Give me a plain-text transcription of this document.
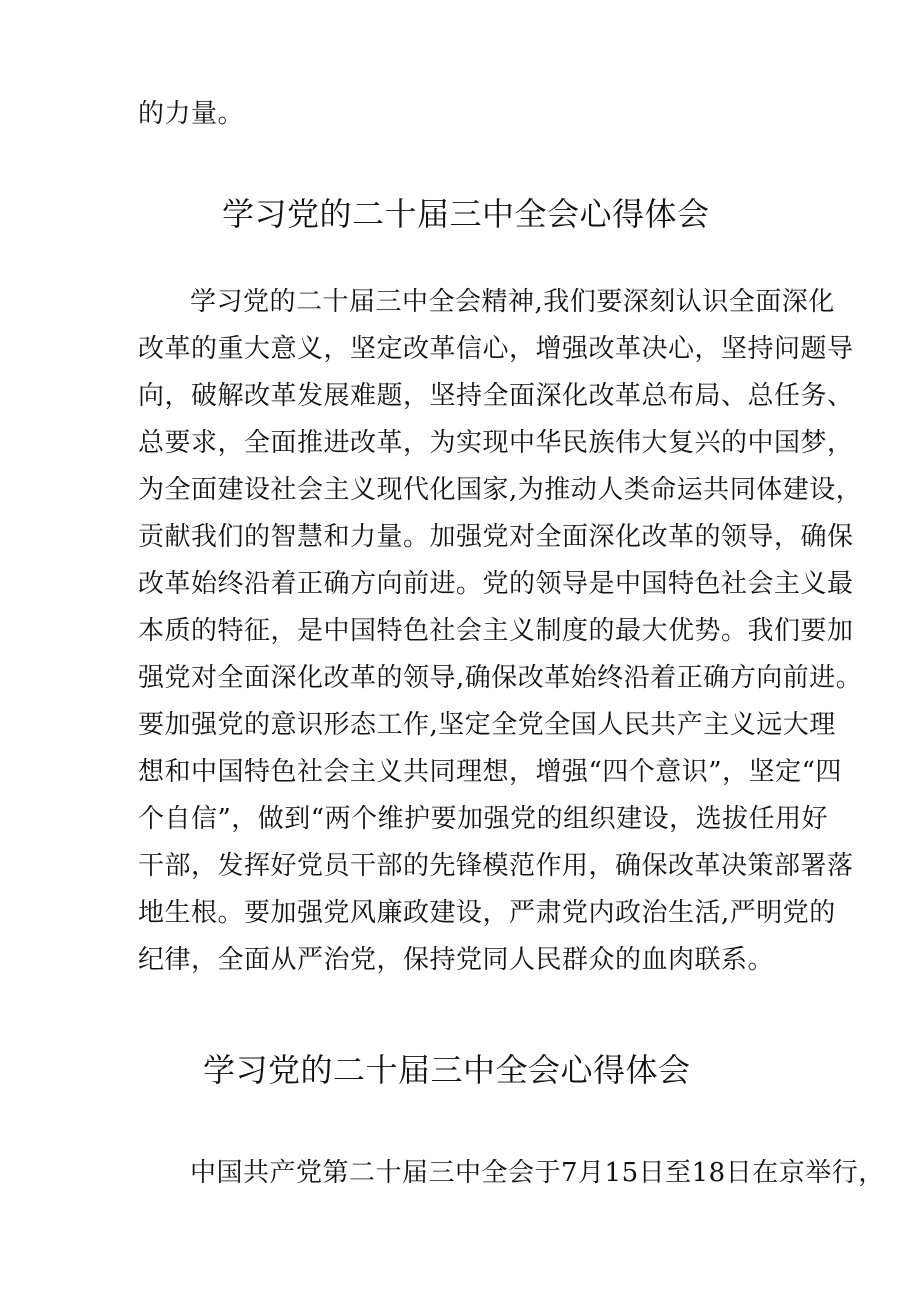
的力量。
学习党的二十届三中全会心得体会
学习党的二十届三中全会精神,我们要深刻认识全面深化
改革的重大意义，坚定改革信心，增强改革决心，坚持问题导
向，破解改革发展难题，坚持全面深化改革总布局、总任务、
总要求，全面推进改革，为实现中华民族伟大复兴的中国梦，
为全面建设社会主义现代化国家,为推动人类命运共同体建设，
贡献我们的智慧和力量。加强党对全面深化改革的领导，确保
改革始终沿着正确方向前进。党的领导是中国特色社会主义最
本质的特征，是中国特色社会主义制度的最大优势。我们要加
强党对全面深化改革的领导,确保改革始终沿着正确方向前进。
要加强党的意识形态工作,坚定全党全国人民共产主义远大理
想和中国特色社会主义共同理想，增强“四个意识”，坚定“四
个自信”，做到“两个维护要加强党的组织建设，选拔任用好
干部，发挥好党员干部的先锋模范作用，确保改革决策部署落
地生根。要加强党风廉政建设，严肃党内政治生活,严明党的
纪律，全面从严治党，保持党同人民群众的血肉联系。
学习党的二十届三中全会心得体会
中国共产党第二十届三中全会于7月15日至18日在京举行，
